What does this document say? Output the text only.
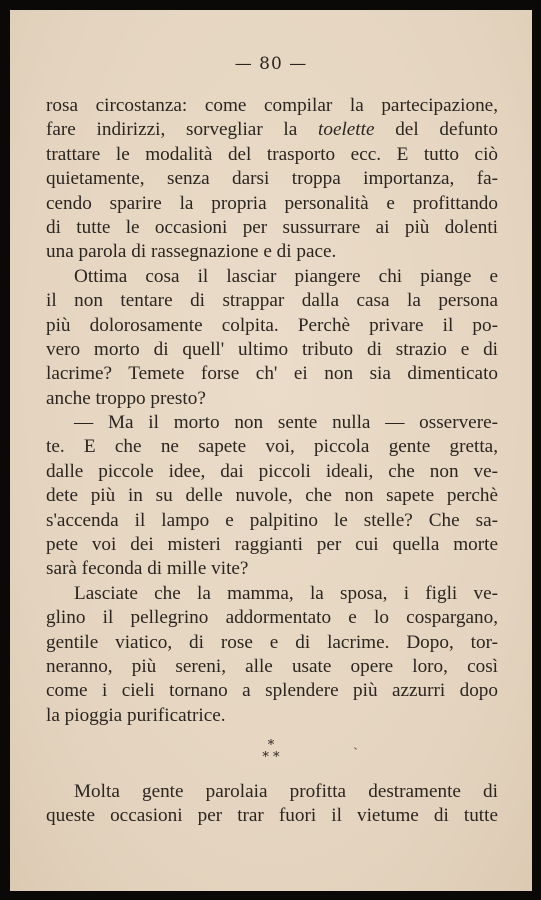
— 80 —
rosa circostanza: come compilar la partecipazione,
fare indirizzi, sorvegliar la toelette del defunto
trattare le modalità del trasporto ecc. E tutto ciò
quietamente, senza darsi troppa importanza, fa-
cendo sparire la propria personalità e profittando
di tutte le occasioni per sussurrare ai più dolenti
una parola di rassegnazione e di pace.
Ottima cosa il lasciar piangere chi piange e
il non tentare di strappar dalla casa la persona
più dolorosamente colpita. Perchè privare il po-
vero morto di quell' ultimo tributo di strazio e di
lacrime? Temete forse ch' ei non sia dimenticato
anche troppo presto?
— Ma il morto non sente nulla — osservere-
te. E che ne sapete voi, piccola gente gretta,
dalle piccole idee, dai piccoli ideali, che non ve-
dete più in su delle nuvole, che non sapete perchè
s'accenda il lampo e palpitino le stelle? Che sa-
pete voi dei misteri raggianti per cui quella morte
sarà feconda di mille vite?
Lasciate che la mamma, la sposa, i figli ve-
glino il pellegrino addormentato e lo cospargano,
gentile viatico, di rose e di lacrime. Dopo, tor-
neranno, più sereni, alle usate opere loro, così
come i cieli tornano a splendere più azzurri dopo
la pioggia purificatrice.
*
* *
Molta gente parolaia profitta destramente di
queste occasioni per trar fuori il vietume di tutte
